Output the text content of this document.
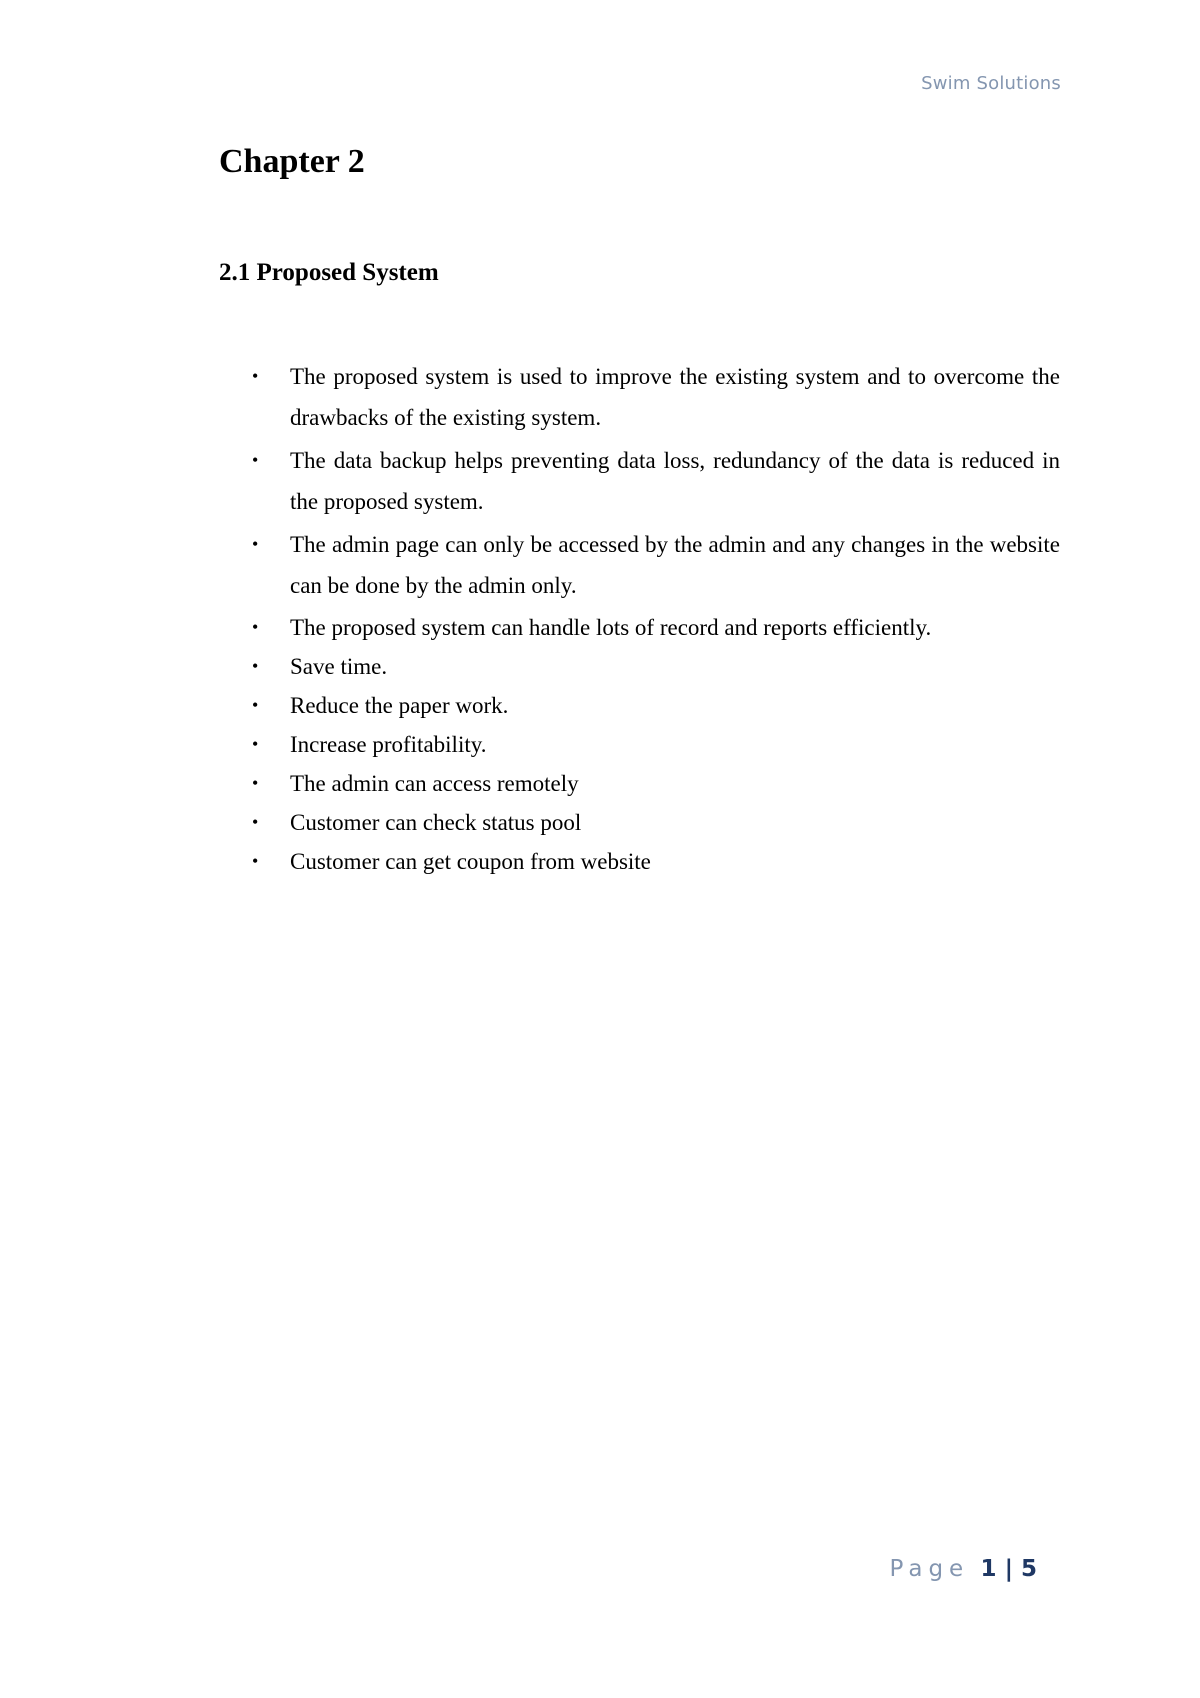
Swim Solutions
Chapter 2
2.1 Proposed System
• The proposed system is used to improve the existing system and to overcome the drawbacks of the existing system.
• The data backup helps preventing data loss, redundancy of the data is reduced in the proposed system.
• The admin page can only be accessed by the admin and any changes in the website can be done by the admin only.
• The proposed system can handle lots of record and reports efficiently.
• Save time.
• Reduce the paper work.
• Increase profitability.
• The admin can access remotely
• Customer can check status pool
• Customer can get coupon from website
Page 1 | 5
